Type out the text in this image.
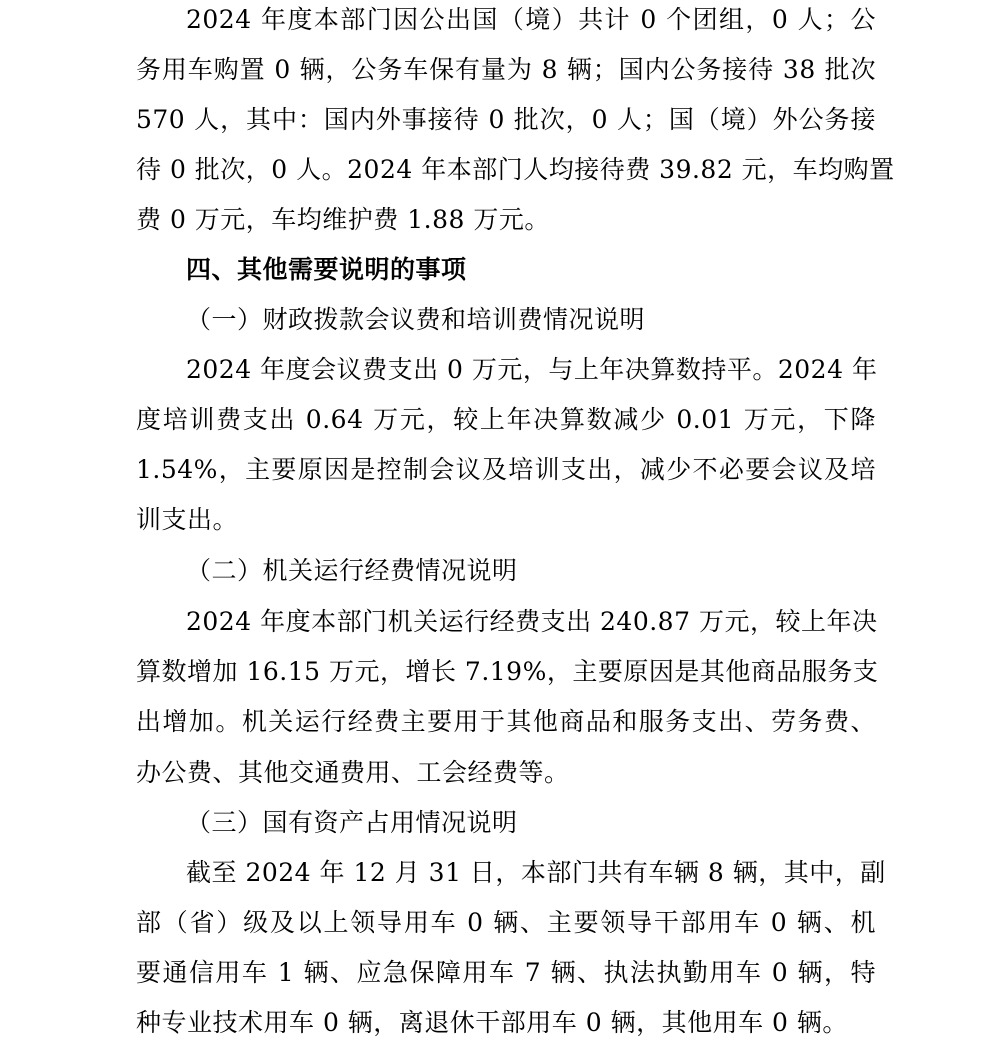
2024 年度本部门因公出国（境）共计 0 个团组，0 人；公
务用车购置 0 辆，公务车保有量为 8 辆；国内公务接待 38 批次
570 人，其中：国内外事接待 0 批次，0 人；国（境）外公务接
待 0 批次，0 人。2024 年本部门人均接待费 39.82 元，车均购置
费 0 万元，车均维护费 1.88 万元。
四、其他需要说明的事项
（一）财政拨款会议费和培训费情况说明
2024 年度会议费支出 0 万元，与上年决算数持平。2024 年
度培训费支出 0.64 万元，较上年决算数减少 0.01 万元，下降
1.54%，主要原因是控制会议及培训支出，减少不必要会议及培
训支出。
（二）机关运行经费情况说明
2024 年度本部门机关运行经费支出 240.87 万元，较上年决
算数增加 16.15 万元，增长 7.19%，主要原因是其他商品服务支
出增加。机关运行经费主要用于其他商品和服务支出、劳务费、
办公费、其他交通费用、工会经费等。
（三）国有资产占用情况说明
截至 2024 年 12 月 31 日，本部门共有车辆 8 辆，其中，副
部（省）级及以上领导用车 0 辆、主要领导干部用车 0 辆、机
要通信用车 1 辆、应急保障用车 7 辆、执法执勤用车 0 辆，特
种专业技术用车 0 辆，离退休干部用车 0 辆，其他用车 0 辆。
